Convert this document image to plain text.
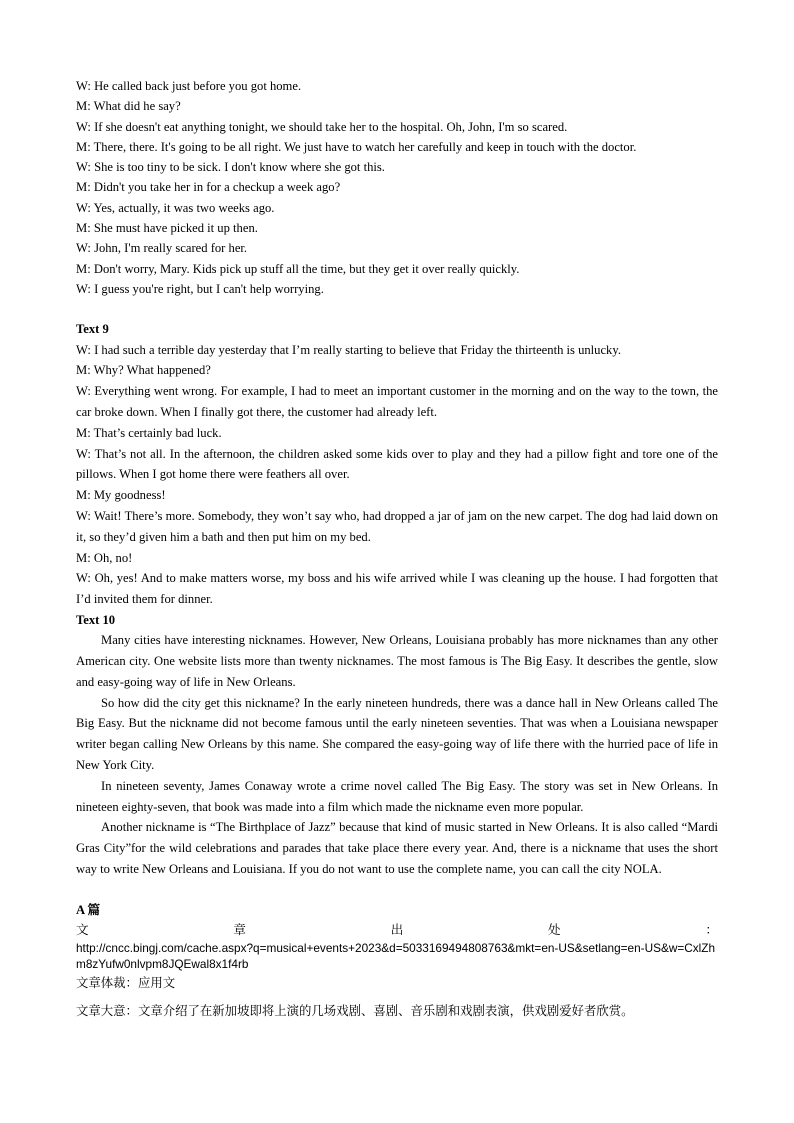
W: He called back just before you got home.
M: What did he say?
W: If she doesn't eat anything tonight, we should take her to the hospital. Oh, John, I'm so scared.
M: There, there. It's going to be all right. We just have to watch her carefully and keep in touch with the doctor.
W: She is too tiny to be sick. I don't know where she got this.
M: Didn't you take her in for a checkup a week ago?
W: Yes, actually, it was two weeks ago.
M: She must have picked it up then.
W: John, I'm really scared for her.
M: Don't worry, Mary. Kids pick up stuff all the time, but they get it over really quickly.
W: I guess you're right, but I can't help worrying.
Text 9

W: I had such a terrible day yesterday that I’m really starting to believe that Friday the thirteenth is unlucky.

M: Why? What happened?

W: Everything went wrong. For example, I had to meet an important customer in the morning and on the way to the town, the car broke down. When I finally got there, the customer had already left.

M: That’s certainly bad luck.

W: That’s not all. In the afternoon, the children asked some kids over to play and they had a pillow fight and tore one of the pillows. When I got home there were feathers all over.

M: My goodness!

W: Wait! There’s more. Somebody, they won’t say who, had dropped a jar of jam on the new carpet. The dog had laid down on it, so they’d given him a bath and then put him on my bed.

M: Oh, no!

W: Oh, yes! And to make matters worse, my boss and his wife arrived while I was cleaning up the house. I had forgotten that I’d invited them for dinner.

Text 10

Many cities have interesting nicknames. However, New Orleans, Louisiana probably has more nicknames than any other American city. One website lists more than twenty nicknames. The most famous is The Big Easy. It describes the gentle, slow and easy-going way of life in New Orleans.

So how did the city get this nickname? In the early nineteen hundreds, there was a dance hall in New Orleans called The Big Easy. But the nickname did not become famous until the early nineteen seventies. That was when a Louisiana newspaper writer began calling New Orleans by this name. She compared the easy-going way of life there with the hurried pace of life in New York City.

In nineteen seventy, James Conaway wrote a crime novel called The Big Easy. The story was set in New Orleans. In nineteen eighty-seven, that book was made into a film which made the nickname even more popular.

Another nickname is “The Birthplace of Jazz” because that kind of music started in New Orleans. It is also called “Mardi Gras City”for the wild celebrations and parades that take place there every year. And, there is a nickname that uses the short way to write New Orleans and Louisiana. If you do not want to use the complete name, you can call the city NOLA.

A 篇
文	章	出	处	：
http://cncc.bingj.com/cache.aspx?q=musical+events+2023&d=5033169494808763&mkt=en-US&setlang=en-US&w=CxlZhm8zYufw0nlvpm8JQEwal8x1f4rb
文章体裁：应用文
文章大意：文章介绍了在新加坡即将上演的几场戏剧、喜剧、音乐剧和戏剧表演，供戏剧爱好者欣赏。
